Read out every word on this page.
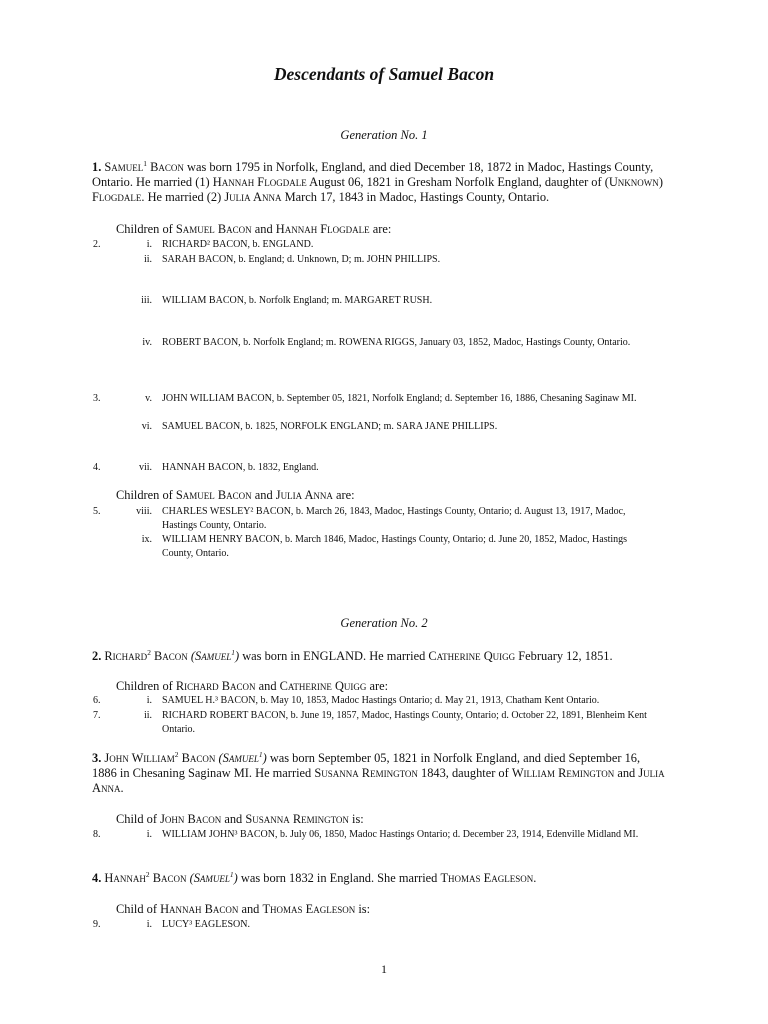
Descendants of Samuel Bacon
Generation No. 1
1. Samuel$^1$ Bacon was born 1795 in Norfolk, England, and died December 18, 1872 in Madoc, Hastings County, Ontario. He married (1) Hannah Flogdale August 06, 1821 in Gresham Norfolk England, daughter of (Unknown) Flogdale. He married (2) Julia Anna March 17, 1843 in Madoc, Hastings County, Ontario.
Children of Samuel Bacon and Hannah Flogdale are:
2.	i. RICHARD² BACON, b. ENGLAND.
ii. SARAH BACON, b. England; d. Unknown, D; m. JOHN PHILLIPS.
iii. WILLIAM BACON, b. Norfolk England; m. MARGARET RUSH.
iv. ROBERT BACON, b. Norfolk England; m. ROWENA RIGGS, January 03, 1852, Madoc, Hastings County, Ontario.
3.	v. JOHN WILLIAM BACON, b. September 05, 1821, Norfolk England; d. September 16, 1886, Chesaning Saginaw MI.
vi. SAMUEL BACON, b. 1825, NORFOLK ENGLAND; m. SARA JANE PHILLIPS.
4.	vii. HANNAH BACON, b. 1832, England.
Children of Samuel Bacon and Julia Anna are:
5.	viii. CHARLES WESLEY² BACON, b. March 26, 1843, Madoc, Hastings County, Ontario; d. August 13, 1917, Madoc, Hastings County, Ontario.
ix. WILLIAM HENRY BACON, b. March 1846, Madoc, Hastings County, Ontario; d. June 20, 1852, Madoc, Hastings County, Ontario.
Generation No. 2
2. Richard$^2$ Bacon (Samuel$^1$) was born in ENGLAND. He married Catherine Quigg February 12, 1851.
Children of Richard Bacon and Catherine Quigg are:
6.	i. SAMUEL H.³ BACON, b. May 10, 1853, Madoc Hastings Ontario; d. May 21, 1913, Chatham Kent Ontario.
7.	ii. RICHARD ROBERT BACON, b. June 19, 1857, Madoc, Hastings County, Ontario; d. October 22, 1891, Blenheim Kent Ontario.
3. John William$^2$ Bacon (Samuel$^1$) was born September 05, 1821 in Norfolk England, and died September 16, 1886 in Chesaning Saginaw MI. He married Susanna Remington 1843, daughter of William Remington and Julia Anna.
Child of John Bacon and Susanna Remington is:
8.	i. WILLIAM JOHN³ BACON, b. July 06, 1850, Madoc Hastings Ontario; d. December 23, 1914, Edenville Midland MI.
4. Hannah$^2$ Bacon (Samuel$^1$) was born 1832 in England. She married Thomas Eagleson.
Child of Hannah Bacon and Thomas Eagleson is:
9.	i. LUCY³ EAGLESON.
1
